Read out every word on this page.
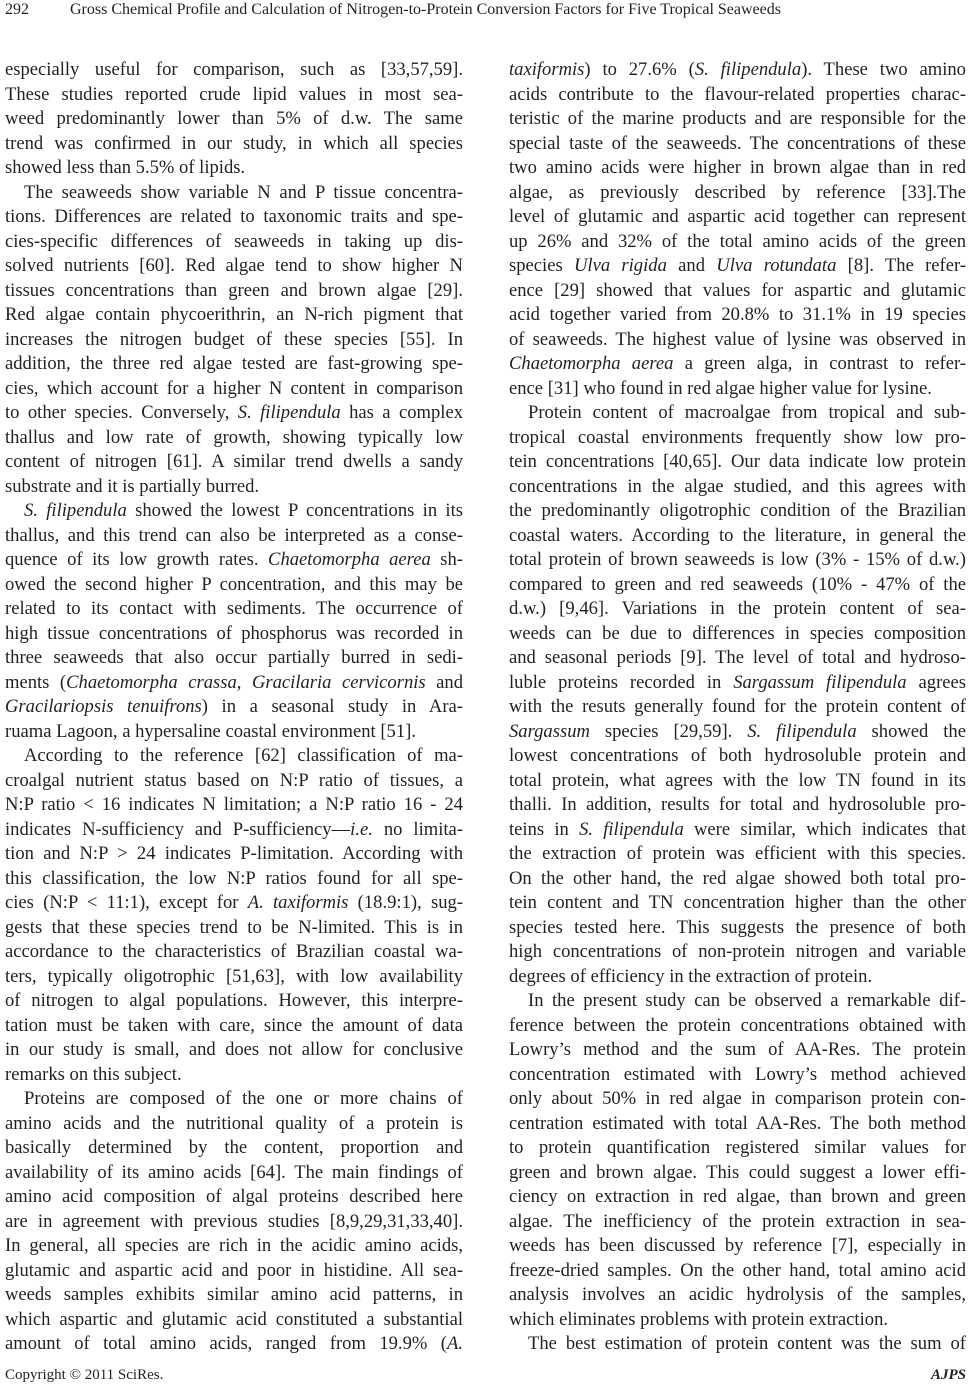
292	Gross Chemical Profile and Calculation of Nitrogen-to-Protein Conversion Factors for Five Tropical Seaweeds
especially useful for comparison, such as [33,57,59].
These studies reported crude lipid values in most sea-
weed predominantly lower than 5% of d.w. The same
trend was confirmed in our study, in which all species
showed less than 5.5% of lipids.
The seaweeds show variable N and P tissue concentra-
tions. Differences are related to taxonomic traits and spe-
cies-specific differences of seaweeds in taking up dis-
solved nutrients [60]. Red algae tend to show higher N
tissues concentrations than green and brown algae [29].
Red algae contain phycoerithrin, an N-rich pigment that
increases the nitrogen budget of these species [55]. In
addition, the three red algae tested are fast-growing spe-
cies, which account for a higher N content in comparison
to other species. Conversely, S. filipendula has a complex
thallus and low rate of growth, showing typically low
content of nitrogen [61]. A similar trend dwells a sandy
substrate and it is partially burred.
S. filipendula showed the lowest P concentrations in its
thallus, and this trend can also be interpreted as a conse-
quence of its low growth rates. Chaetomorpha aerea sh-
owed the second higher P concentration, and this may be
related to its contact with sediments. The occurrence of
high tissue concentrations of phosphorus was recorded in
three seaweeds that also occur partially burred in sedi-
ments (Chaetomorpha crassa, Gracilaria cervicornis and
Gracilariopsis tenuifrons) in a seasonal study in Ara-
ruama Lagoon, a hypersaline coastal environment [51].
According to the reference [62] classification of ma-
croalgal nutrient status based on N:P ratio of tissues, a
N:P ratio < 16 indicates N limitation; a N:P ratio 16 - 24
indicates N-sufficiency and P-sufficiency—i.e. no limita-
tion and N:P > 24 indicates P-limitation. According with
this classification, the low N:P ratios found for all spe-
cies (N:P < 11:1), except for A. taxiformis (18.9:1), sug-
gests that these species trend to be N-limited. This is in
accordance to the characteristics of Brazilian coastal wa-
ters, typically oligotrophic [51,63], with low availability
of nitrogen to algal populations. However, this interpre-
tation must be taken with care, since the amount of data
in our study is small, and does not allow for conclusive
remarks on this subject.
Proteins are composed of the one or more chains of
amino acids and the nutritional quality of a protein is
basically determined by the content, proportion and
availability of its amino acids [64]. The main findings of
amino acid composition of algal proteins described here
are in agreement with previous studies [8,9,29,31,33,40].
In general, all species are rich in the acidic amino acids,
glutamic and aspartic acid and poor in histidine. All sea-
weeds samples exhibits similar amino acid patterns, in
which aspartic and glutamic acid constituted a substantial
amount of total amino acids, ranged from 19.9% (A.
taxiformis) to 27.6% (S. filipendula). These two amino
acids contribute to the flavour-related properties charac-
teristic of the marine products and are responsible for the
special taste of the seaweeds. The concentrations of these
two amino acids were higher in brown algae than in red
algae, as previously described by reference [33].The
level of glutamic and aspartic acid together can represent
up 26% and 32% of the total amino acids of the green
species Ulva rigida and Ulva rotundata [8]. The refer-
ence [29] showed that values for aspartic and glutamic
acid together varied from 20.8% to 31.1% in 19 species
of seaweeds. The highest value of lysine was observed in
Chaetomorpha aerea a green alga, in contrast to refer-
ence [31] who found in red algae higher value for lysine.
Protein content of macroalgae from tropical and sub-
tropical coastal environments frequently show low pro-
tein concentrations [40,65]. Our data indicate low protein
concentrations in the algae studied, and this agrees with
the predominantly oligotrophic condition of the Brazilian
coastal waters. According to the literature, in general the
total protein of brown seaweeds is low (3% - 15% of d.w.)
compared to green and red seaweeds (10% - 47% of the
d.w.) [9,46]. Variations in the protein content of sea-
weeds can be due to differences in species composition
and seasonal periods [9]. The level of total and hydroso-
luble proteins recorded in Sargassum filipendula agrees
with the resuts generally found for the protein content of
Sargassum species [29,59]. S. filipendula showed the
lowest concentrations of both hydrosoluble protein and
total protein, what agrees with the low TN found in its
thalli. In addition, results for total and hydrosoluble pro-
teins in S. filipendula were similar, which indicates that
the extraction of protein was efficient with this species.
On the other hand, the red algae showed both total pro-
tein content and TN concentration higher than the other
species tested here. This suggests the presence of both
high concentrations of non-protein nitrogen and variable
degrees of efficiency in the extraction of protein.
In the present study can be observed a remarkable dif-
ference between the protein concentrations obtained with
Lowry’s method and the sum of AA-Res. The protein
concentration estimated with Lowry’s method achieved
only about 50% in red algae in comparison protein con-
centration estimated with total AA-Res. The both method
to protein quantification registered similar values for
green and brown algae. This could suggest a lower effi-
ciency on extraction in red algae, than brown and green
algae. The inefficiency of the protein extraction in sea-
weeds has been discussed by reference [7], especially in
freeze-dried samples. On the other hand, total amino acid
analysis involves an acidic hydrolysis of the samples,
which eliminates problems with protein extraction.
The best estimation of protein content was the sum of
Copyright © 2011 SciRes.	AJPS
